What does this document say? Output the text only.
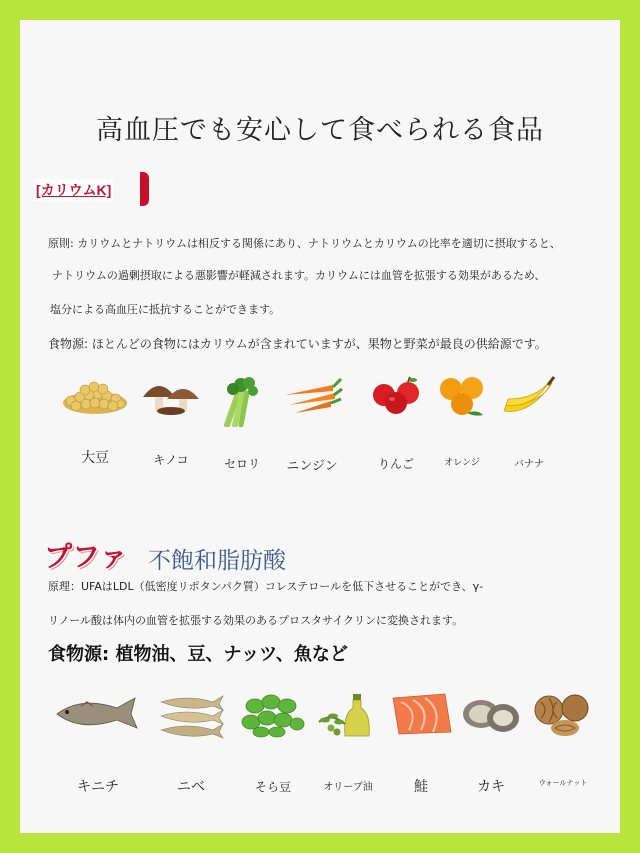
高血圧でも安心して食べられる食品
[カリウムK]
原則: カリウムとナトリウムは相反する関係にあり、ナトリウムとカリウムの比率を適切に摂取すると、
ナトリウムの過剰摂取による悪影響が軽減されます。カリウムには血管を拡張する効果があるため、
塩分による高血圧に抵抗することができます。
食物源: ほとんどの食物にはカリウムが含まれていますが、果物と野菜が最良の供給源です。
大豆	キノコ	セロリ	ニンジン	りんご	オレンジ	バナナ
プファ 不飽和脂肪酸
原理：UFAはLDL（低密度リポタンパク質）コレステロールを低下させることができ、γ-
リノール酸は体内の血管を拡張する効果のあるプロスタサイクリンに変換されます。
食物源: 植物油、豆、ナッツ、魚など
キニチ	ニベ	そら豆	オリーブ油	鮭	カキ	ウォールナット
